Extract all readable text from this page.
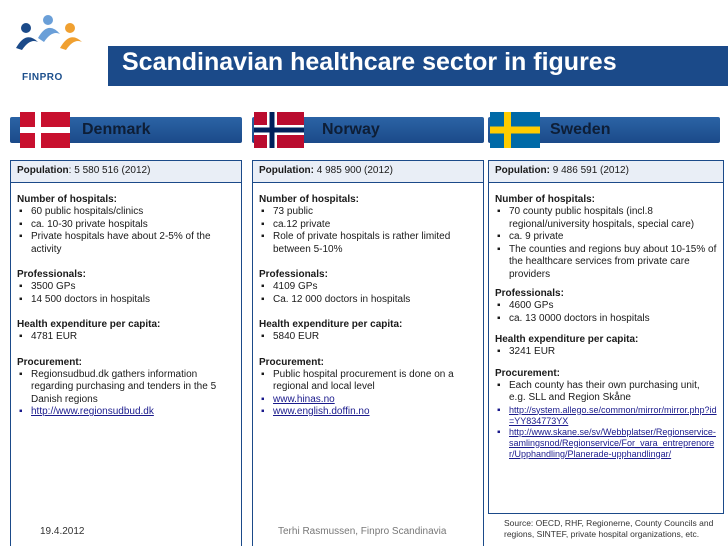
FINPRO
Scandinavian healthcare sector in figures
Denmark
Population: 5 580 516 (2012)
Number of hospitals:
▪ 60 public hospitals/clinics
▪ ca. 10-30 private hospitals
▪ Private hospitals have about 2-5% of the activity
Professionals:
▪ 3500 GPs
▪ 14 500 doctors in hospitals
Health expenditure per capita:
▪ 4781 EUR
Procurement:
▪ Regionsudbud.dk gathers information regarding purchasing and tenders in the 5 Danish regions
▪ http://www.regionsudbud.dk
Norway
Population: 4 985 900 (2012)
Number of hospitals:
▪ 73 public
▪ ca.12 private
▪ Role of private hospitals is rather limited between 5-10%
Professionals:
▪ 4109 GPs
▪ Ca. 12 000 doctors in hospitals
Health expenditure per capita:
▪ 5840 EUR
Procurement:
▪ Public hospital procurement is done on a regional and local level
▪ www.hinas.no
▪ www.english.doffin.no
Sweden
Population: 9 486 591 (2012)
Number of hospitals:
▪ 70 county public hospitals (incl.8 regional/university hospitals, special care)
▪ ca. 9 private
▪ The counties and regions buy about 10-15% of the healthcare services from private care providers
Professionals:
▪ 4600 GPs
▪ ca. 13 0000 doctors in hospitals
Health expenditure per capita:
▪ 3241 EUR
Procurement:
▪ Each county has their own purchasing unit, e.g. SLL and Region Skåne
▪ http://system.allego.se/common/mirror/mirror.php?id=YY834773YX
▪ http://www.skane.se/sv/Webbplatser/Regionservice-samlingsnod/Regionservice/For_vara_entreprenorer/Upphandling/Planerade-upphandlingar/
19.4.2012	Terhi Rasmussen, Finpro Scandinavia
Source: OECD, RHF, Regionerne, County Councils and regions, SINTEF, private hospital organizations, etc.
